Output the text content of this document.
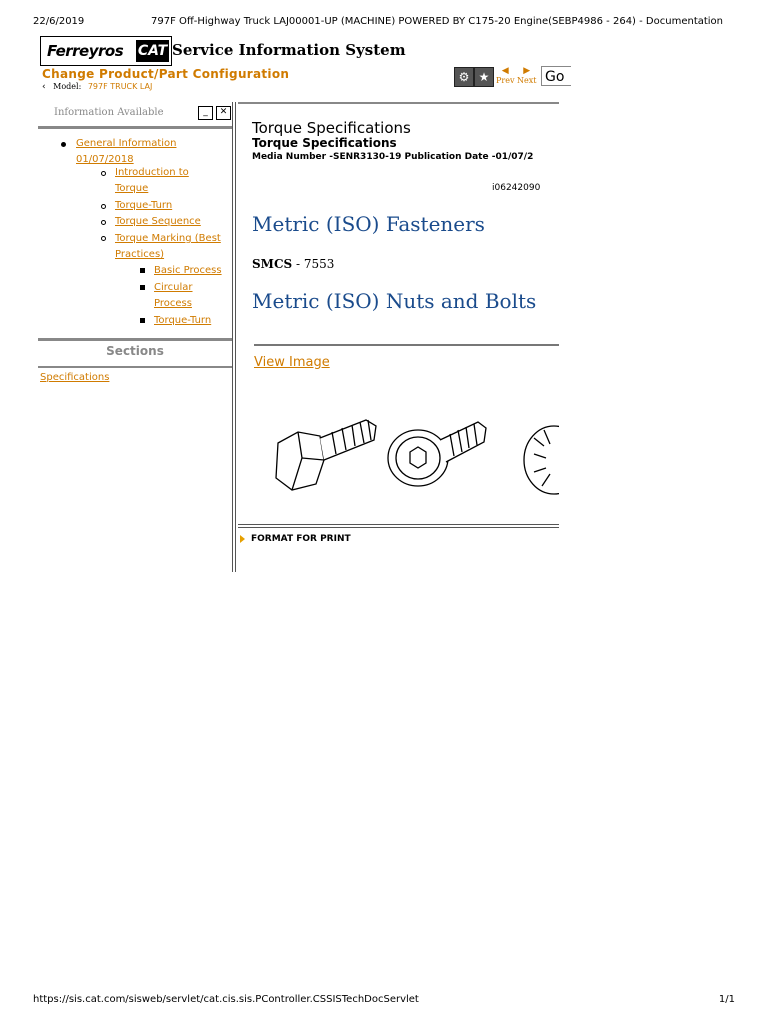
22/6/2019	797F Off-Highway Truck LAJ00001-UP (MACHINE) POWERED BY C175-20 Engine(SEBP4986 - 264) - Documentation
Ferreyros CAT Service Information System
Change Product/Part Configuration
‹ Model: 797F TRUCK LAJ
⚙ ★	◀
Prev
▶
Next Go
Information Available	_	✕
General Information
01/07/2018
Introduction to
Torque
Torque-Turn
Torque Sequence
Torque Marking (Best
Practices)
Basic Process
Circular
Process
Torque-Turn
Sections
Specifications
Torque Specifications
Torque Specifications
Media Number -SENR3130-19 Publication Date -01/07/2
i06242090
Metric (ISO) Fasteners
SMCS - 7553
Metric (ISO) Nuts and Bolts
View Image
FORMAT FOR PRINT
https://sis.cat.com/sisweb/servlet/cat.cis.sis.PController.CSSISTechDocServlet	1/1
